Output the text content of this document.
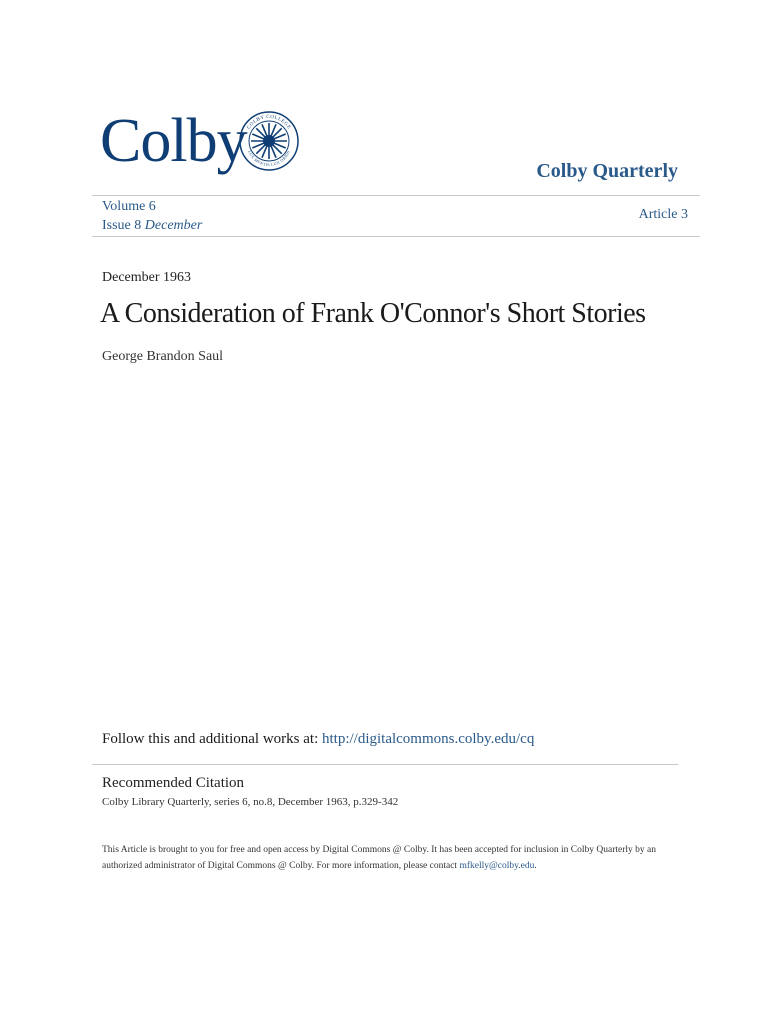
Colby COLBY COLLEGE
LUX MENTIS LUX ORBIS
Colby Quarterly
Volume 6
Issue 8 December
Article 3
December 1963
A Consideration of Frank O'Connor's Short Stories
George Brandon Saul
Follow this and additional works at: http://digitalcommons.colby.edu/cq
Recommended Citation
Colby Library Quarterly, series 6, no.8, December 1963, p.329-342
This Article is brought to you for free and open access by Digital Commons @ Colby. It has been accepted for inclusion in Colby Quarterly by an authorized administrator of Digital Commons @ Colby. For more information, please contact mfkelly@colby.edu.
